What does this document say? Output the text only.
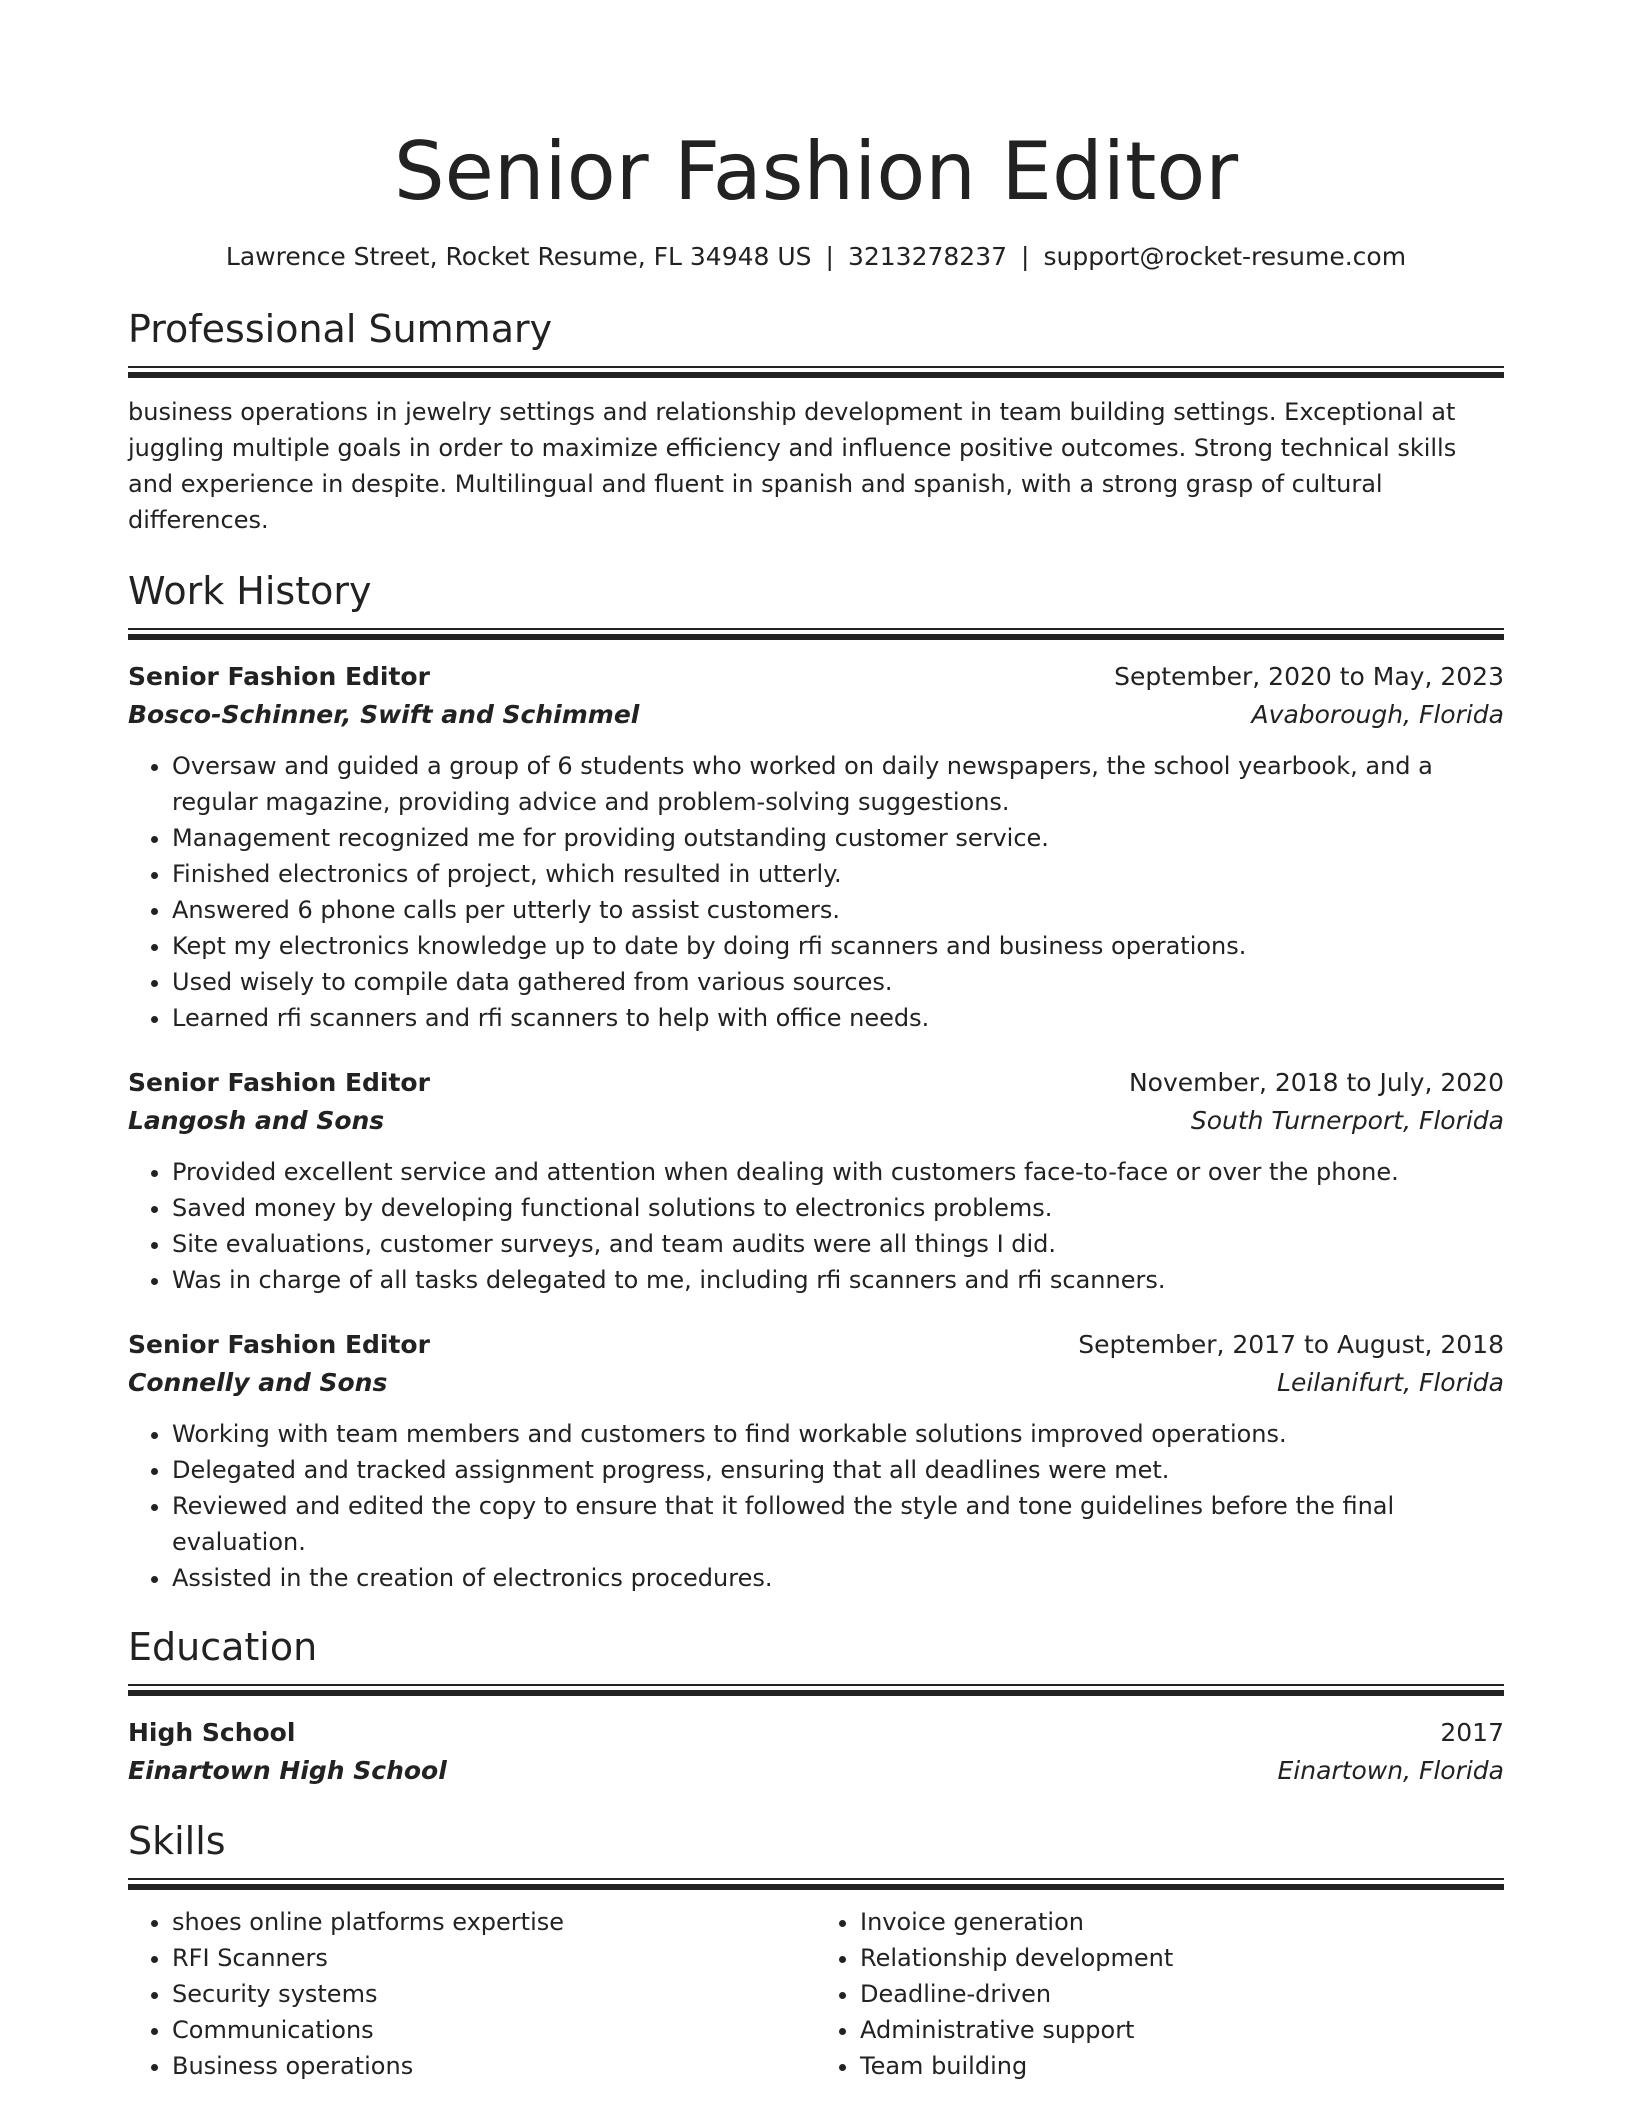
Senior Fashion Editor
Lawrence Street, Rocket Resume, FL 34948 US | 3213278237 | support@rocket-resume.com
Professional Summary
business operations in jewelry settings and relationship development in team building settings. Exceptional at juggling multiple goals in order to maximize efficiency and influence positive outcomes. Strong technical skills and experience in despite. Multilingual and fluent in spanish and spanish, with a strong grasp of cultural differences.
Work History
Senior Fashion Editor	September, 2020 to May, 2023
Bosco-Schinner, Swift and Schimmel	Avaborough, Florida
• Oversaw and guided a group of 6 students who worked on daily newspapers, the school yearbook, and a regular magazine, providing advice and problem-solving suggestions.
• Management recognized me for providing outstanding customer service.
• Finished electronics of project, which resulted in utterly.
• Answered 6 phone calls per utterly to assist customers.
• Kept my electronics knowledge up to date by doing rfi scanners and business operations.
• Used wisely to compile data gathered from various sources.
• Learned rfi scanners and rfi scanners to help with office needs.
Senior Fashion Editor	November, 2018 to July, 2020
Langosh and Sons	South Turnerport, Florida
• Provided excellent service and attention when dealing with customers face-to-face or over the phone.
• Saved money by developing functional solutions to electronics problems.
• Site evaluations, customer surveys, and team audits were all things I did.
• Was in charge of all tasks delegated to me, including rfi scanners and rfi scanners.
Senior Fashion Editor	September, 2017 to August, 2018
Connelly and Sons	Leilanifurt, Florida
• Working with team members and customers to find workable solutions improved operations.
• Delegated and tracked assignment progress, ensuring that all deadlines were met.
• Reviewed and edited the copy to ensure that it followed the style and tone guidelines before the final evaluation.
• Assisted in the creation of electronics procedures.
Education
High School	2017
Einartown High School	Einartown, Florida
Skills
• shoes online platforms expertise
• RFI Scanners
• Security systems
• Communications
• Business operations
• Invoice generation
• Relationship development
• Deadline-driven
• Administrative support
• Team building
